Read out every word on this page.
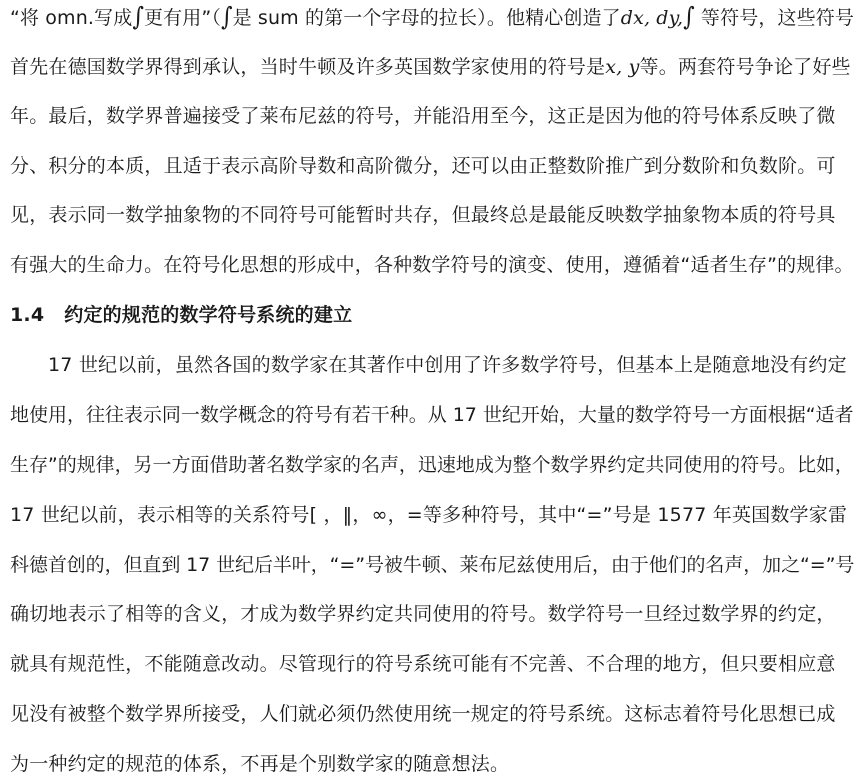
“将 omn.写成∫更有用”（∫是 sum 的第一个字母的拉长）。他精心创造了dx, dy,∫ 等符号，这些符号
首先在德国数学界得到承认，当时牛顿及许多英国数学家使用的符号是x, y等。两套符号争论了好些
年。最后，数学界普遍接受了莱布尼兹的符号，并能沿用至今，这正是因为他的符号体系反映了微
分、积分的本质，且适于表示高阶导数和高阶微分，还可以由正整数阶推广到分数阶和负数阶。可
见，表示同一数学抽象物的不同符号可能暂时共存，但最终总是最能反映数学抽象物本质的符号具
有强大的生命力。在符号化思想的形成中，各种数学符号的演变、使用，遵循着“适者生存”的规律。
1.4 约定的规范的数学符号系统的建立
17 世纪以前，虽然各国的数学家在其著作中创用了许多数学符号，但基本上是随意地没有约定
地使用，往往表示同一数学概念的符号有若干种。从 17 世纪开始，大量的数学符号一方面根据“适者
生存”的规律，另一方面借助著名数学家的名声，迅速地成为整个数学界约定共同使用的符号。比如，
17 世纪以前，表示相等的关系符号[ ，‖，∞，=等多种符号，其中“=”号是 1577 年英国数学家雷
科德首创的，但直到 17 世纪后半叶，“=”号被牛顿、莱布尼兹使用后，由于他们的名声，加之“=”号
确切地表示了相等的含义，才成为数学界约定共同使用的符号。数学符号一旦经过数学界的约定，
就具有规范性，不能随意改动。尽管现行的符号系统可能有不完善、不合理的地方，但只要相应意
见没有被整个数学界所接受，人们就必须仍然使用统一规定的符号系统。这标志着符号化思想已成
为一种约定的规范的体系，不再是个别数学家的随意想法。
